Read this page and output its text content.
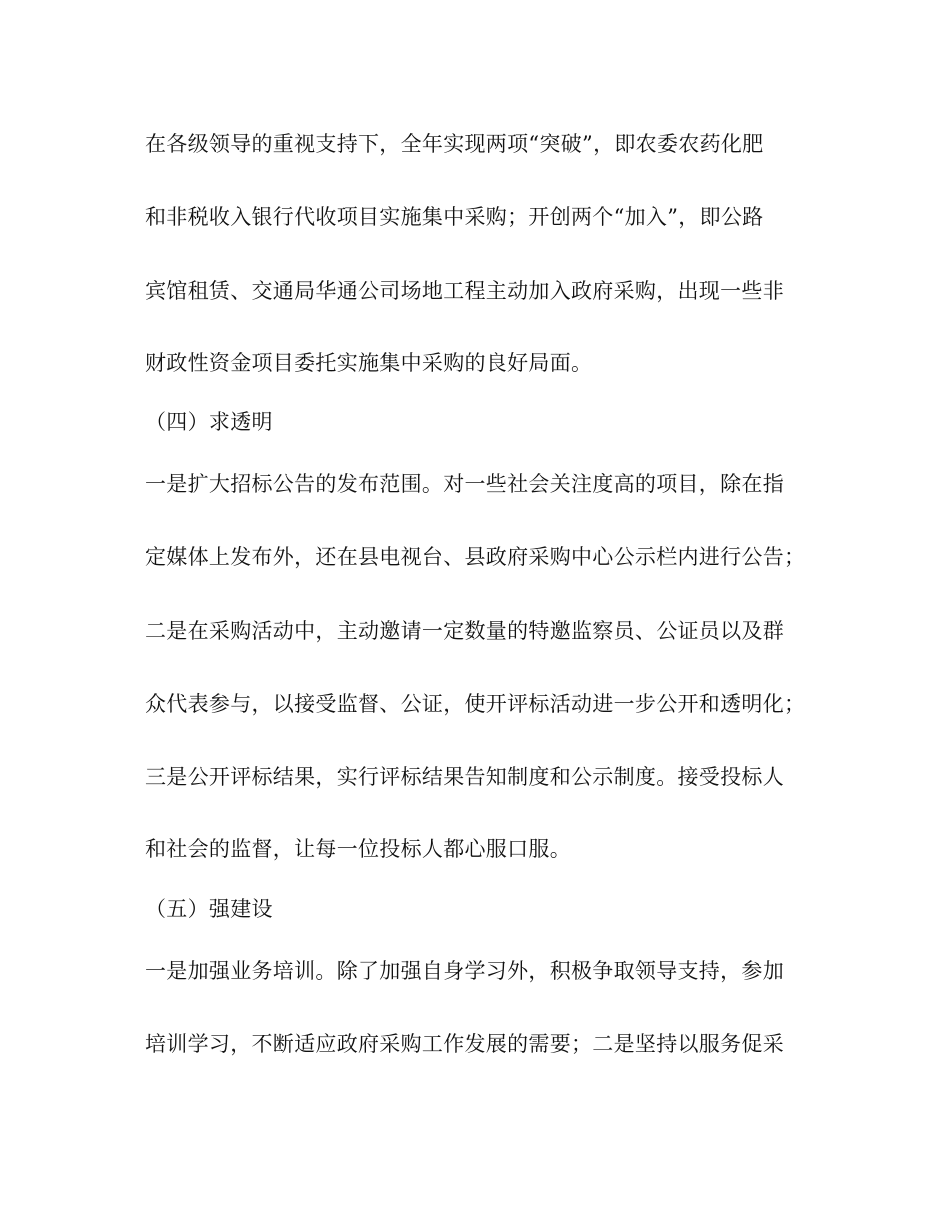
在各级领导的重视支持下，全年实现两项“突破”，即农委农药化肥
和非税收入银行代收项目实施集中采购；开创两个“加入”，即公路
宾馆租赁、交通局华通公司场地工程主动加入政府采购，出现一些非
财政性资金项目委托实施集中采购的良好局面。
（四）求透明
一是扩大招标公告的发布范围。对一些社会关注度高的项目，除在指
定媒体上发布外，还在县电视台、县政府采购中心公示栏内进行公告；
二是在采购活动中，主动邀请一定数量的特邀监察员、公证员以及群
众代表参与，以接受监督、公证，使开评标活动进一步公开和透明化；
三是公开评标结果，实行评标结果告知制度和公示制度。接受投标人
和社会的监督，让每一位投标人都心服口服。
（五）强建设
一是加强业务培训。除了加强自身学习外，积极争取领导支持，参加
培训学习，不断适应政府采购工作发展的需要；二是坚持以服务促采
